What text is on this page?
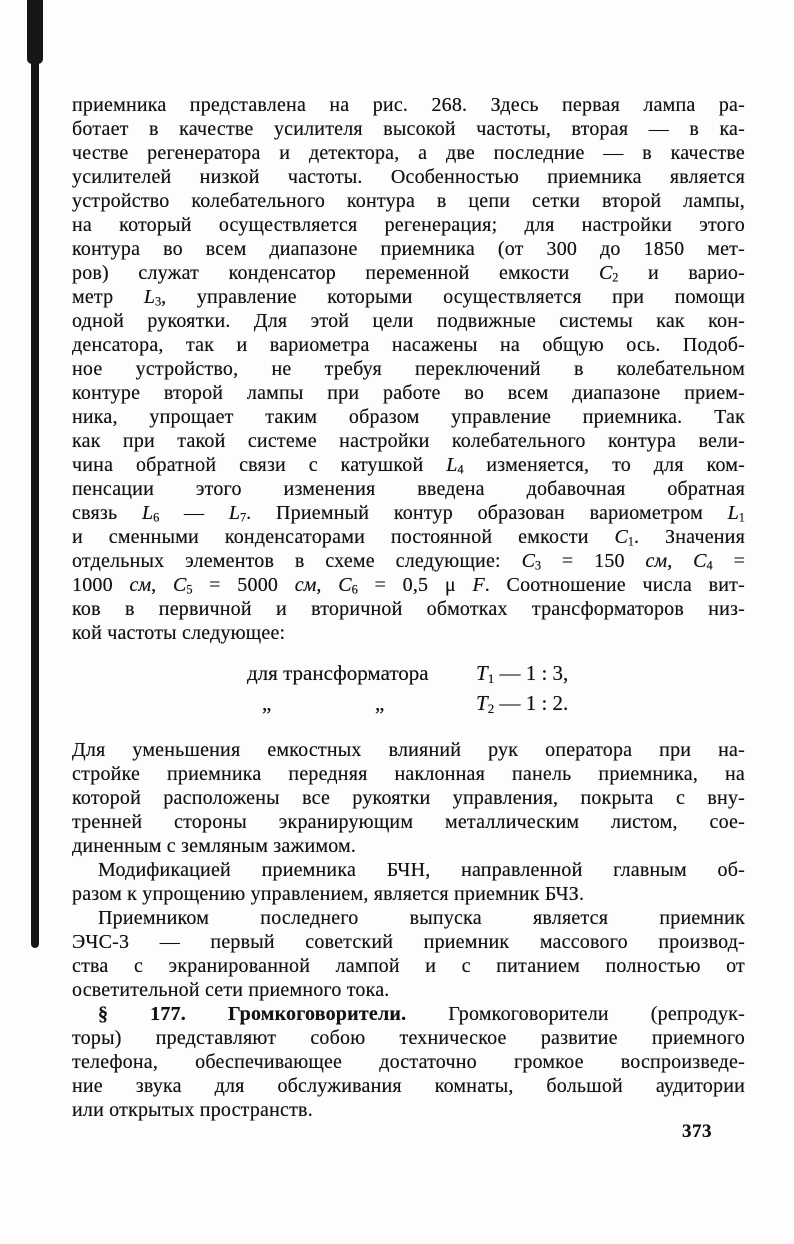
приемника представлена на рис. 268. Здесь первая лампа ра-
ботает в качестве усилителя высокой частоты, вторая — в ка-
честве регенератора и детектора, а две последние — в качестве
усилителей низкой частоты. Особенностью приемника является
устройство колебательного контура в цепи сетки второй лампы,
на который осуществляется регенерация; для настройки этого
контура во всем диапазоне приемника (от 300 до 1850 мет-
ров) служат конденсатор переменной емкости $C_2$ и варио-
метр $L_3$, управление которыми осуществляется при помощи
одной рукоятки. Для этой цели подвижные системы как кон-
денсатора, так и вариометра насажены на общую ось. Подоб-
ное устройство, не требуя переключений в колебательном
контуре второй лампы при работе во всем диапазоне прием-
ника, упрощает таким образом управление приемника. Так
как при такой системе настройки колебательного контура вели-
чина обратной связи с катушкой $L_4$ изменяется, то для ком-
пенсации этого изменения введена добавочная обратная
связь $L_6$ — $L_7$. Приемный контур образован вариометром $L_1$
и сменными конденсаторами постоянной емкости $C_1$. Значения
отдельных элементов в схеме следующие: $C_3 = 150$ см, $C_4$ =
1000 см, $C_5 = 5000$ см, $C_6 = 0,5$ μ F. Соотношение числа вит-
ков в первичной и вторичной обмотках трансформаторов низ-
кой частоты следующее:
для трансформатора $T_1$ — 1 : 3,
„	„	$T_2$ — 1 : 2.
Для уменьшения емкостных влияний рук оператора при на-
стройке приемника передняя наклонная панель приемника, на
которой расположены все рукоятки управления, покрыта с вну-
тренней стороны экранирующим металлическим листом, сое-
диненным с земляным зажимом.
Модификацией приемника БЧН, направленной главным об-
разом к упрощению управлением, является приемник БЧЗ.
Приемником последнего выпуска является приемник
ЭЧС-3 — первый советский приемник массового производ-
ства с экранированной лампой и с питанием полностью от
осветительной сети приемного тока.
§ 177. Громкоговорители. Громкоговорители (репродук-
торы) представляют собою техническое развитие приемного
телефона, обеспечивающее достаточно громкое воспроизведе-
ние звука для обслуживания комнаты, большой аудитории
или открытых пространств.
373
